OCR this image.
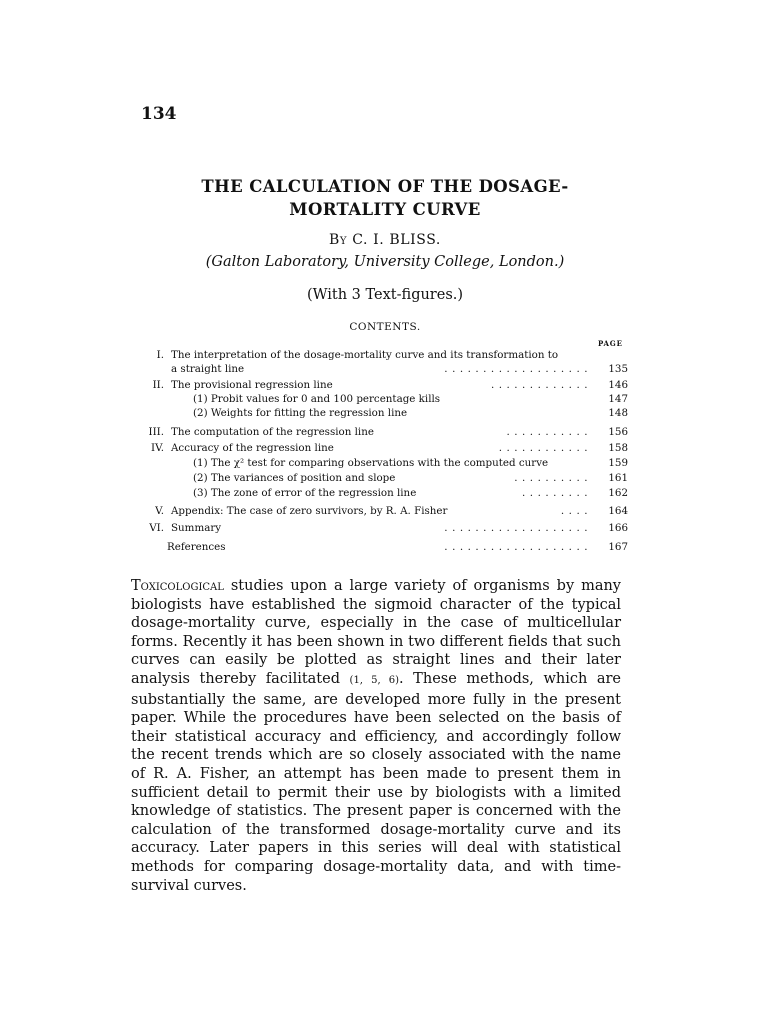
134
THE CALCULATION OF THE DOSAGE-
MORTALITY CURVE
By C. I. BLISS.
(Galton Laboratory, University College, London.)
(With 3 Text-figures.)
CONTENTS.
PAGE
I. The interpretation of the dosage-mortality curve and its transformation to
a straight line	...................	135
II. The provisional regression line	.............	146
(1) Probit values for 0 and 100 percentage kills	147
(2) Weights for fitting the regression line	148
III. The computation of the regression line	...........	156
IV. Accuracy of the regression line	............	158
(1) The χ² test for comparing observations with the computed curve	159
(2) The variances of position and slope	..........	161
(3) The zone of error of the regression line	.........	162
V. Appendix: The case of zero survivors, by R. A. Fisher	....	164
VI. Summary	...................	166
References	...................	167
Toxicological studies upon a large variety of organisms by many biologists have established the sigmoid character of the typical dosage-mortality curve, especially in the case of multicellular forms. Recently it has been shown in two different fields that such curves can easily be plotted as straight lines and their later analysis thereby facilitated (1, 5, 6). These methods, which are substantially the same, are developed more fully in the present paper. While the procedures have been selected on the basis of their statistical accuracy and efficiency, and accordingly follow the recent trends which are so closely associated with the name of R. A. Fisher, an attempt has been made to present them in sufficient detail to permit their use by biologists with a limited knowledge of statistics. The present paper is concerned with the calculation of the transformed dosage-mortality curve and its accuracy. Later papers in this series will deal with statistical methods for comparing dosage-mortality data, and with time-survival curves.
